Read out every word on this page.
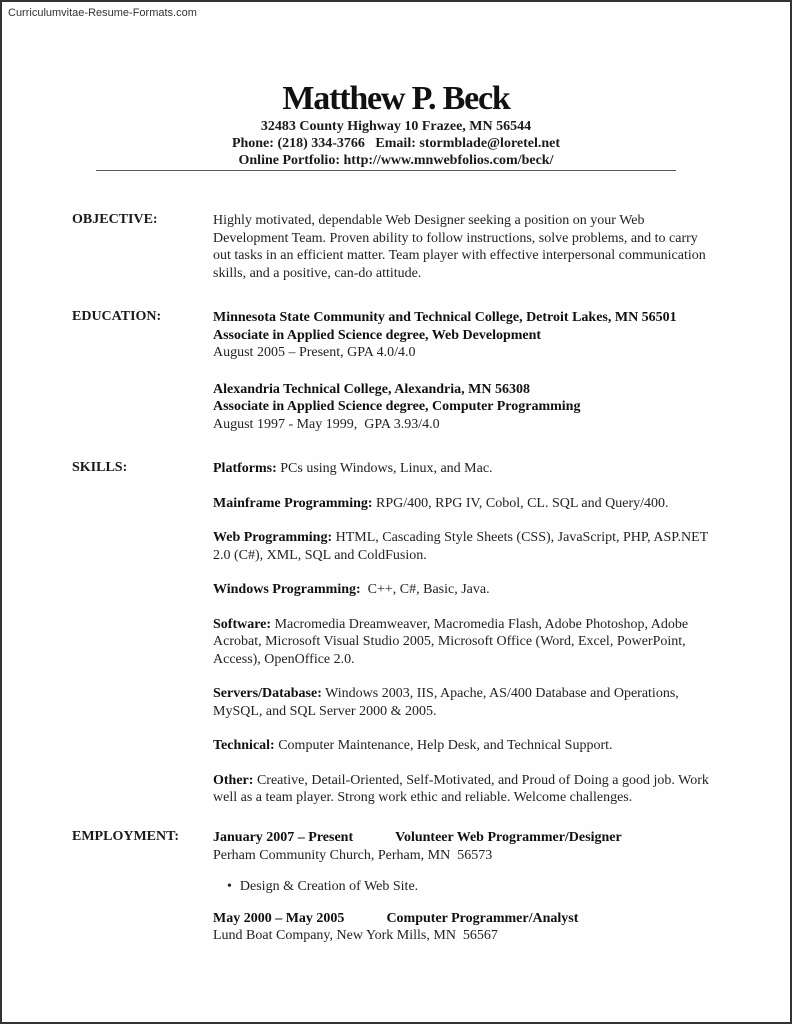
Curriculumvitae-Resume-Formats.com
Matthew P. Beck
32483 County Highway 10 Frazee, MN 56544
Phone: (218) 334-3766   Email: stormblade@loretel.net
Online Portfolio: http://www.mnwebfolios.com/beck/
OBJECTIVE:	Highly motivated, dependable Web Designer seeking a position on your Web Development Team. Proven ability to follow instructions, solve problems, and to carry out tasks in an efficient matter. Team player with effective interpersonal communication skills, and a positive, can-do attitude.
EDUCATION:	Minnesota State Community and Technical College, Detroit Lakes, MN 56501
Associate in Applied Science degree, Web Development
August 2005 – Present, GPA 4.0/4.0
Alexandria Technical College, Alexandria, MN 56308
Associate in Applied Science degree, Computer Programming
August 1997 - May 1999,  GPA 3.93/4.0
SKILLS:	Platforms: PCs using Windows, Linux, and Mac.
Mainframe Programming: RPG/400, RPG IV, Cobol, CL. SQL and Query/400.
Web Programming: HTML, Cascading Style Sheets (CSS), JavaScript, PHP, ASP.NET 2.0 (C#), XML, SQL and ColdFusion.
Windows Programming:  C++, C#, Basic, Java.
Software: Macromedia Dreamweaver, Macromedia Flash, Adobe Photoshop, Adobe Acrobat, Microsoft Visual Studio 2005, Microsoft Office (Word, Excel, PowerPoint, Access), OpenOffice 2.0.
Servers/Database: Windows 2003, IIS, Apache, AS/400 Database and Operations, MySQL, and SQL Server 2000 & 2005.
Technical: Computer Maintenance, Help Desk, and Technical Support.
Other: Creative, Detail-Oriented, Self-Motivated, and Proud of Doing a good job. Work well as a team player. Strong work ethic and reliable. Welcome challenges.
EMPLOYMENT: January 2007 – Present	Volunteer Web Programmer/Designer
Perham Community Church, Perham, MN  56573
• Design & Creation of Web Site.
May 2000 – May 2005	Computer Programmer/Analyst
Lund Boat Company, New York Mills, MN  56567
